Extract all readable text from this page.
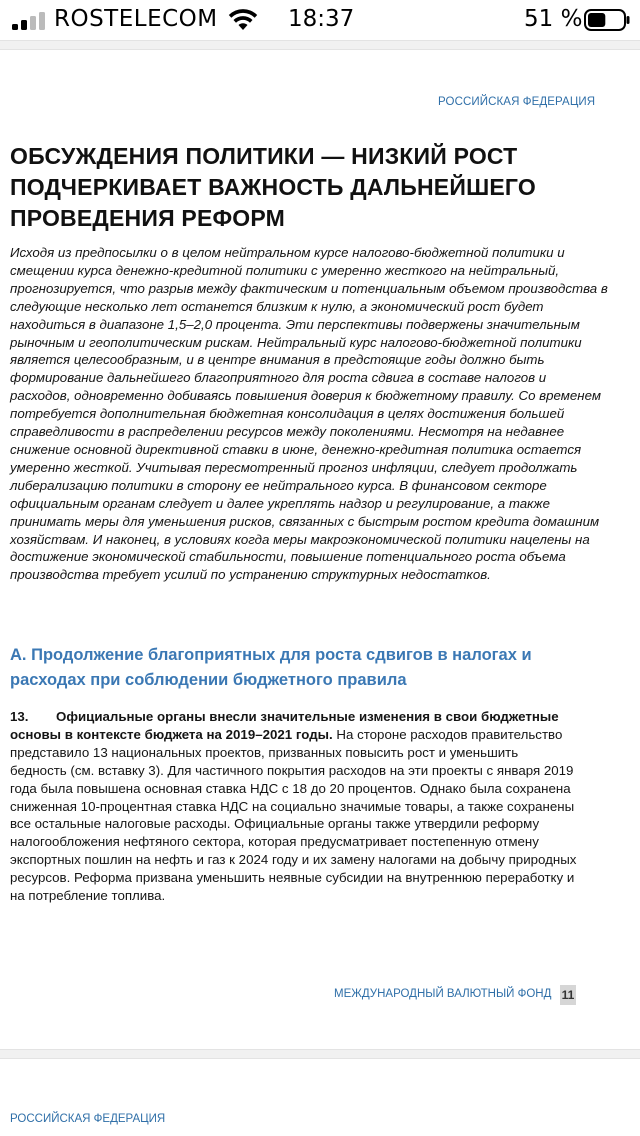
ROSTELECOM	18:37	51 %
РОССИЙСКАЯ ФЕДЕРАЦИЯ
ОБСУЖДЕНИЯ ПОЛИТИКИ — НИЗКИЙ РОСТ ПОДЧЕРКИВАЕТ ВАЖНОСТЬ ДАЛЬНЕЙШЕГО ПРОВЕДЕНИЯ РЕФОРМ

Исходя из предпосылки о в целом нейтральном курсе налогово-бюджетной политики и смещении курса денежно-кредитной политики с умеренно жесткого на нейтральный, прогнозируется, что разрыв между фактическим и потенциальным объемом производства в следующие несколько лет останется близким к нулю, а экономический рост будет находиться в диапазоне 1,5–2,0 процента. Эти перспективы подвержены значительным рыночным и геополитическим рискам. Нейтральный курс налогово-бюджетной политики является целесообразным, и в центре внимания в предстоящие годы должно быть формирование дальнейшего благоприятного для роста сдвига в составе налогов и расходов, одновременно добиваясь повышения доверия к бюджетному правилу. Со временем потребуется дополнительная бюджетная консолидация в целях достижения большей справедливости в распределении ресурсов между поколениями. Несмотря на недавнее снижение основной директивной ставки в июне, денежно-кредитная политика остается умеренно жесткой. Учитывая пересмотренный прогноз инфляции, следует продолжать либерализацию политики в сторону ее нейтрального курса. В финансовом секторе официальным органам следует и далее укреплять надзор и регулирование, а также принимать меры для уменьшения рисков, связанных с быстрым ростом кредита домашним хозяйствам. И наконец, в условиях когда меры макроэкономической политики нацелены на достижение экономической стабильности, повышение потенциального роста объема производства требует усилий по устранению структурных недостатков.

A. Продолжение благоприятных для роста сдвигов в налогах и расходах при соблюдении бюджетного правила

13. Официальные органы внесли значительные изменения в свои бюджетные основы в контексте бюджета на 2019–2021 годы. На стороне расходов правительство представило 13 национальных проектов, призванных повысить рост и уменьшить бедность (см. вставку 3). Для частичного покрытия расходов на эти проекты с января 2019 года была повышена основная ставка НДС с 18 до 20 процентов. Однако была сохранена сниженная 10-процентная ставка НДС на социально значимые товары, а также сохранены все остальные налоговые расходы. Официальные органы также утвердили реформу налогообложения нефтяного сектора, которая предусматривает постепенную отмену экспортных пошлин на нефть и газ к 2024 году и их замену налогами на добычу природных ресурсов. Реформа призвана уменьшить неявные субсидии на внутреннюю переработку и на потребление топлива.

МЕЖДУНАРОДНЫЙ ВАЛЮТНЫЙ ФОНД 11
РОССИЙСКАЯ ФЕДЕРАЦИЯ
